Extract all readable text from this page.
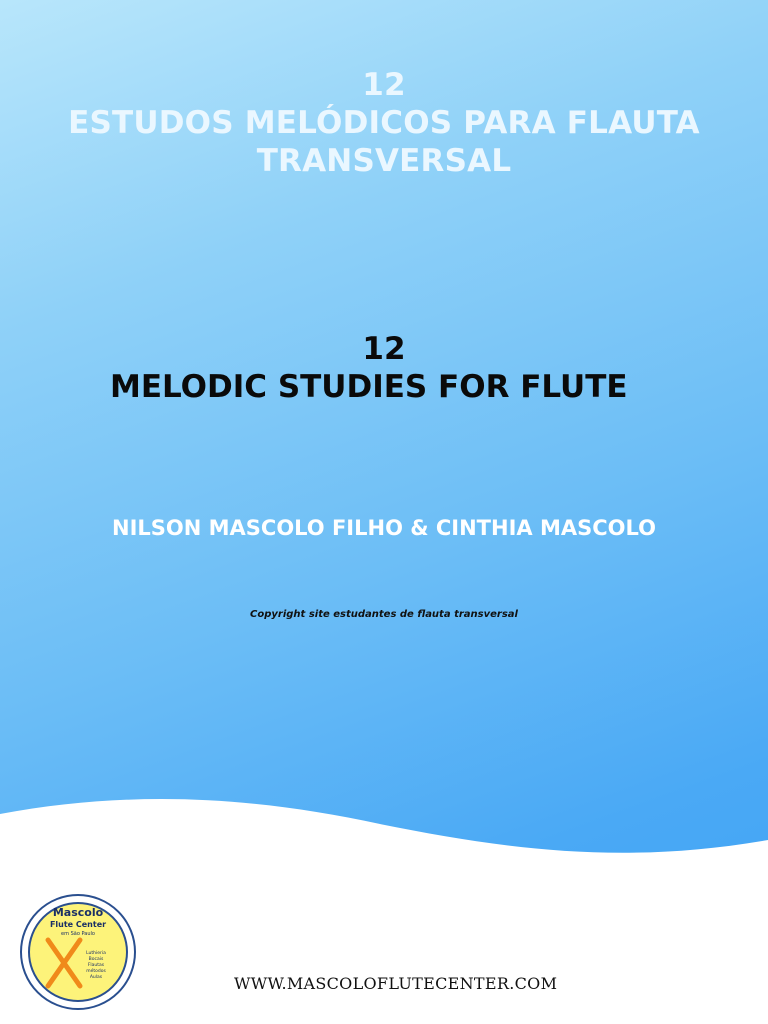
12
ESTUDOS MELÓDICOS PARA FLAUTA
TRANSVERSAL
12
MELODIC STUDIES FOR FLUTE

NILSON MASCOLO FILHO & CINTHIA MASCOLO

Copyright site estudantes de flauta transversal

Mascolo
Flute Center
em São Paulo
Luthieria
Bocais
Flautas
métodos
Aulas	WWW.MASCOLOFLUTECENTER.COM
